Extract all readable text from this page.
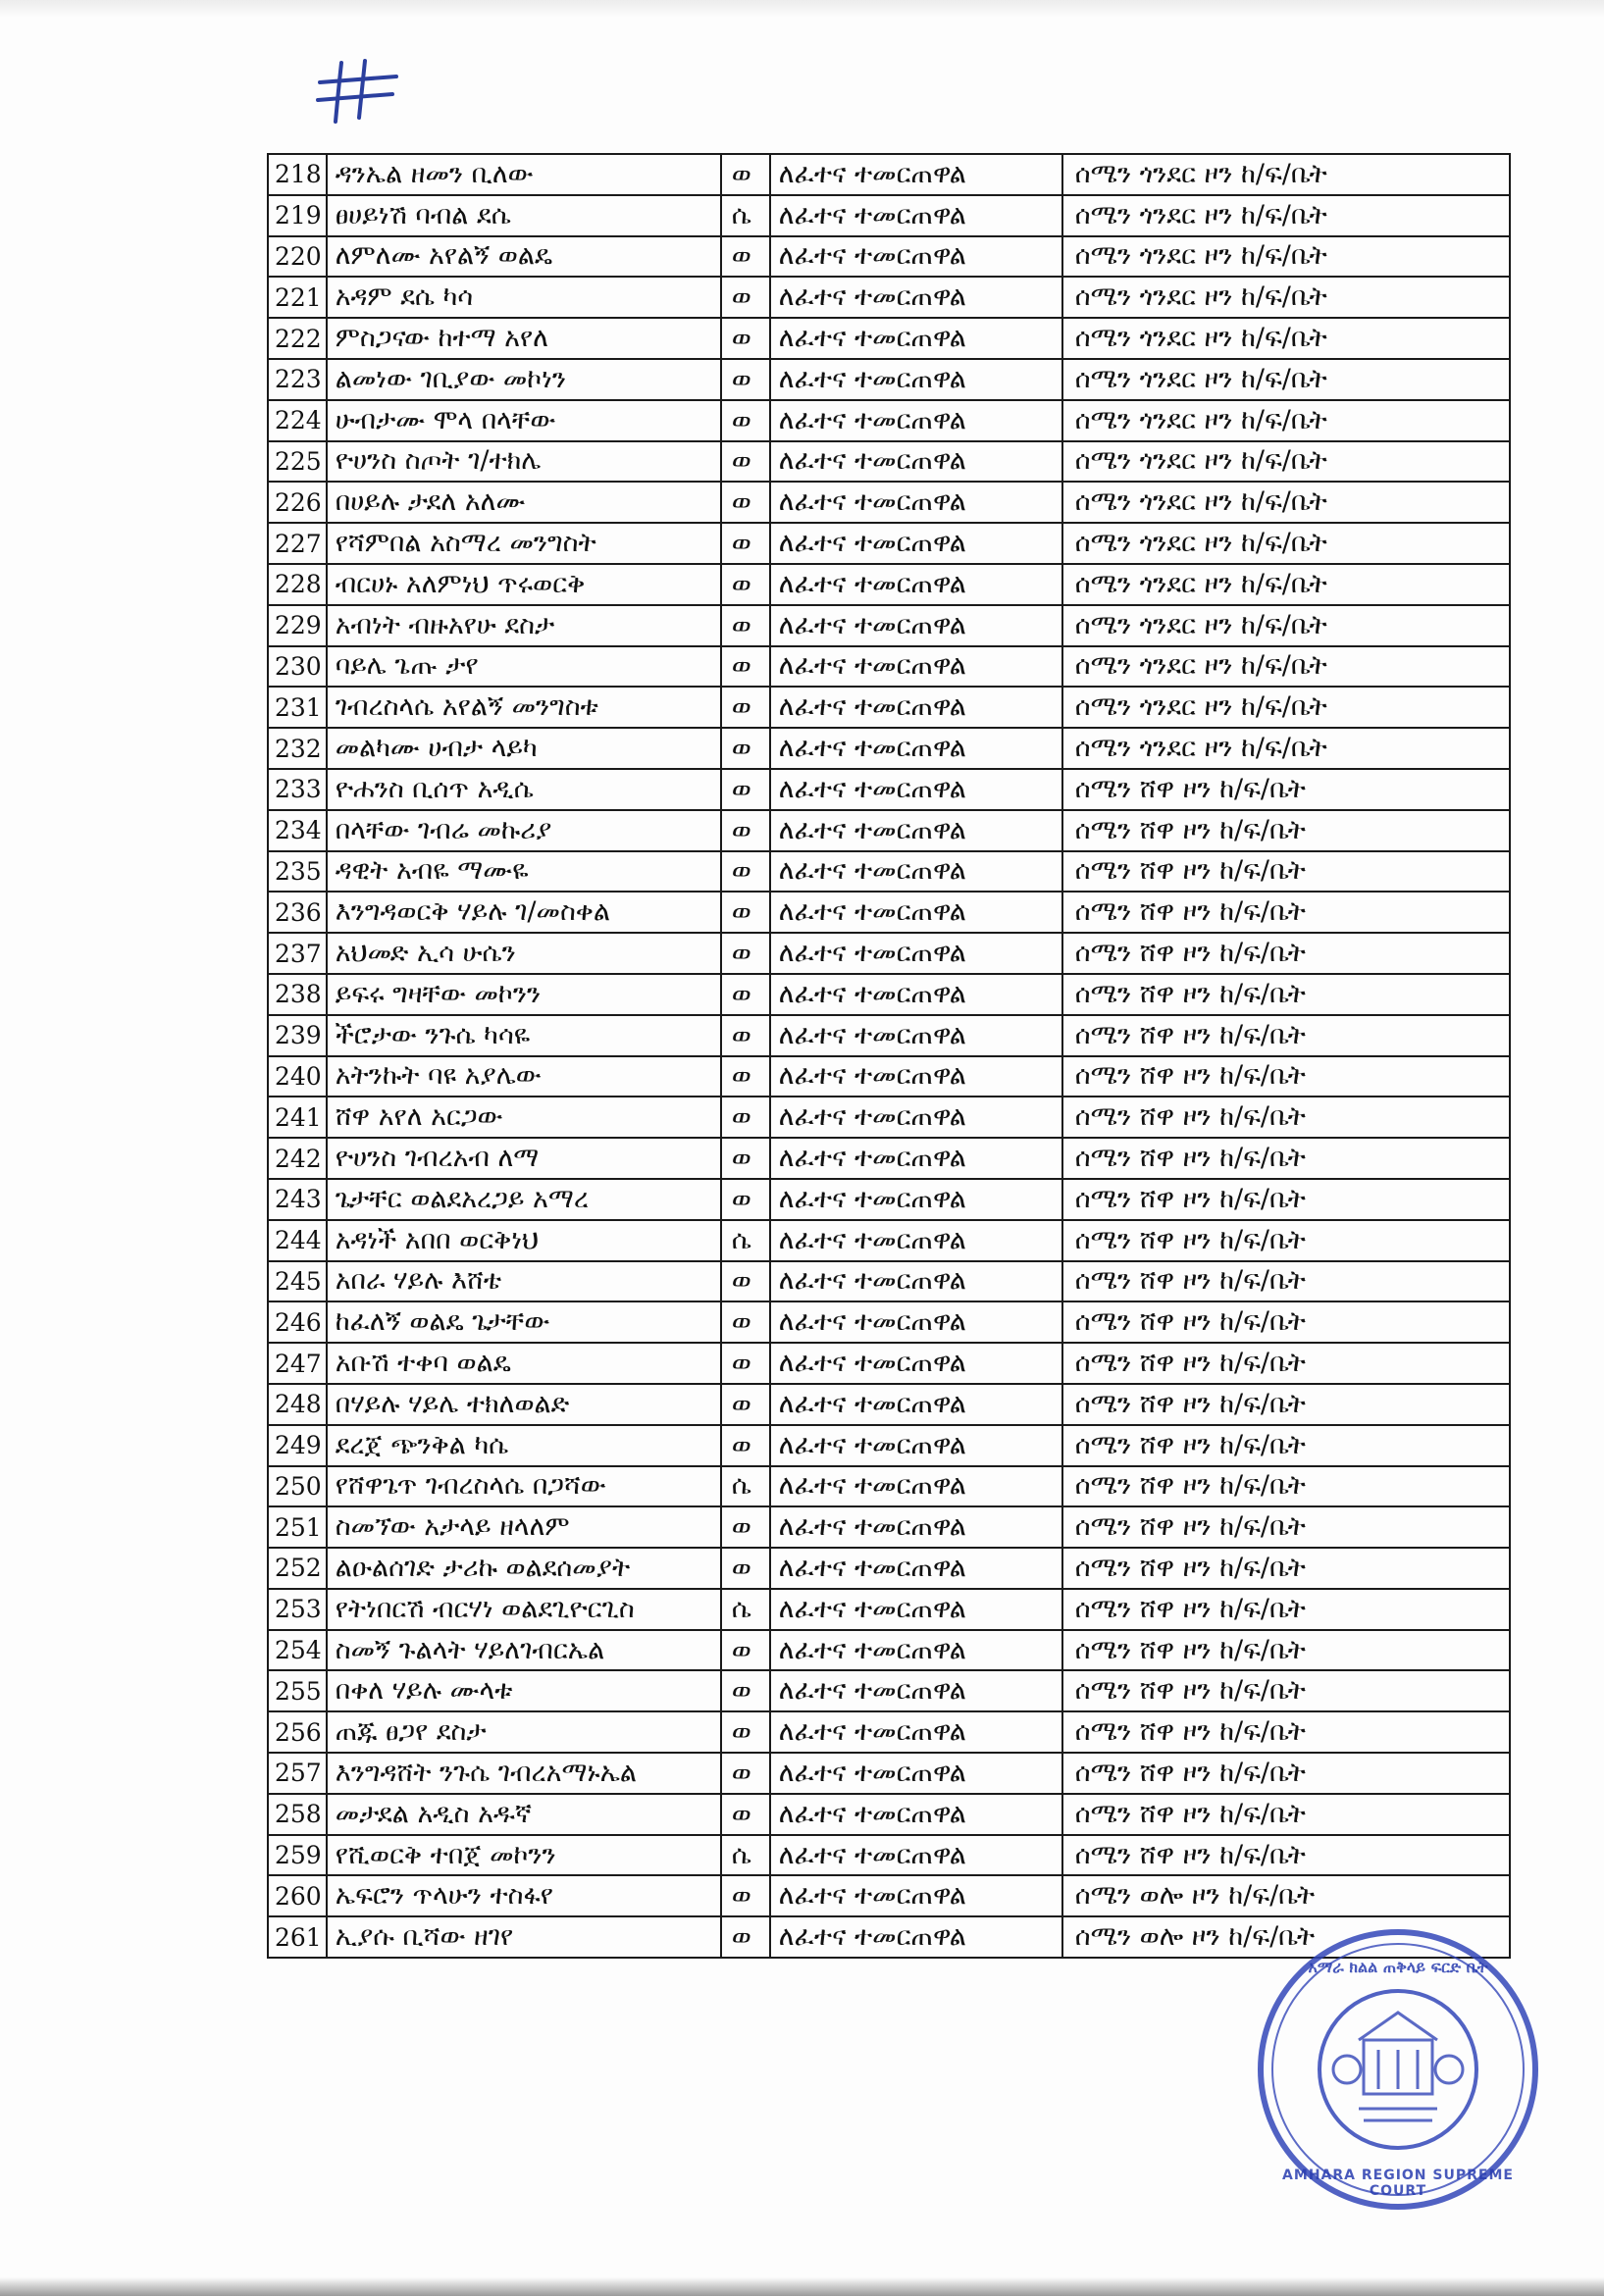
218	ዳንኤል ዘመን ቢለው	ወ	ለፈተና ተመርጠዋል	ሰሜን ጎንደር ዞን ከ/ፍ/ቤት
219	ፀሀይነሽ ባብል ደሴ	ሴ	ለፈተና ተመርጠዋል	ሰሜን ጎንደር ዞን ከ/ፍ/ቤት
220	ለምለሙ አየልኝ ወልዴ	ወ	ለፈተና ተመርጠዋል	ሰሜን ጎንደር ዞን ከ/ፍ/ቤት
221	አዳም ደሴ ካሳ	ወ	ለፈተና ተመርጠዋል	ሰሜን ጎንደር ዞን ከ/ፍ/ቤት
222	ምስጋናው ከተማ አየለ	ወ	ለፈተና ተመርጠዋል	ሰሜን ጎንደር ዞን ከ/ፍ/ቤት
223	ልመነው ገቢያው መኮነን	ወ	ለፈተና ተመርጠዋል	ሰሜን ጎንደር ዞን ከ/ፍ/ቤት
224	ሁብታሙ ሞላ በላቸው	ወ	ለፈተና ተመርጠዋል	ሰሜን ጎንደር ዞን ከ/ፍ/ቤት
225	ዮሀንስ ስጦት ገ/ተክሌ	ወ	ለፈተና ተመርጠዋል	ሰሜን ጎንደር ዞን ከ/ፍ/ቤት
226	በሀይሉ ታደለ አለሙ	ወ	ለፈተና ተመርጠዋል	ሰሜን ጎንደር ዞን ከ/ፍ/ቤት
227	የሻምበል አስማረ መንግስት	ወ	ለፈተና ተመርጠዋል	ሰሜን ጎንደር ዞን ከ/ፍ/ቤት
228	ብርሀኑ አለምነህ ጥሩወርቅ	ወ	ለፈተና ተመርጠዋል	ሰሜን ጎንደር ዞን ከ/ፍ/ቤት
229	አብነት ብዙአየሁ ደስታ	ወ	ለፈተና ተመርጠዋል	ሰሜን ጎንደር ዞን ከ/ፍ/ቤት
230	ባይሌ ጌጡ ታየ	ወ	ለፈተና ተመርጠዋል	ሰሜን ጎንደር ዞን ከ/ፍ/ቤት
231	ገብረስላሴ አየልኝ መንግስቱ	ወ	ለፈተና ተመርጠዋል	ሰሜን ጎንደር ዞን ከ/ፍ/ቤት
232	መልካሙ ሀብታ ላይካ	ወ	ለፈተና ተመርጠዋል	ሰሜን ጎንደር ዞን ከ/ፍ/ቤት
233	ዮሐንስ ቢሰጥ አዲሴ	ወ	ለፈተና ተመርጠዋል	ሰሜን ሸዋ ዞን ከ/ፍ/ቤት
234	በላቸው ገብሬ መኩሪያ	ወ	ለፈተና ተመርጠዋል	ሰሜን ሸዋ ዞን ከ/ፍ/ቤት
235	ዳዊት አብዬ ማሙዬ	ወ	ለፈተና ተመርጠዋል	ሰሜን ሸዋ ዞን ከ/ፍ/ቤት
236	እንግዳወርቅ ሃይሉ ገ/መስቀል	ወ	ለፈተና ተመርጠዋል	ሰሜን ሸዋ ዞን ከ/ፍ/ቤት
237	አህመድ ኢሳ ሁሴን	ወ	ለፈተና ተመርጠዋል	ሰሜን ሸዋ ዞን ከ/ፍ/ቤት
238	ይፍሩ ግዛቸው መኮንን	ወ	ለፈተና ተመርጠዋል	ሰሜን ሸዋ ዞን ከ/ፍ/ቤት
239	ችሮታው ንጉሴ ካሳዬ	ወ	ለፈተና ተመርጠዋል	ሰሜን ሸዋ ዞን ከ/ፍ/ቤት
240	አትንኩት ባዩ አያሌው	ወ	ለፈተና ተመርጠዋል	ሰሜን ሸዋ ዞን ከ/ፍ/ቤት
241	ሸዋ አየለ አርጋው	ወ	ለፈተና ተመርጠዋል	ሰሜን ሸዋ ዞን ከ/ፍ/ቤት
242	ዮሀንስ ገብረአብ ለማ	ወ	ለፈተና ተመርጠዋል	ሰሜን ሸዋ ዞን ከ/ፍ/ቤት
243	ጌታቸር ወልደአረጋይ አማረ	ወ	ለፈተና ተመርጠዋል	ሰሜን ሸዋ ዞን ከ/ፍ/ቤት
244	አዳነች አበበ ወርቅነህ	ሴ	ለፈተና ተመርጠዋል	ሰሜን ሸዋ ዞን ከ/ፍ/ቤት
245	አበራ ሃይሉ እሸቴ	ወ	ለፈተና ተመርጠዋል	ሰሜን ሸዋ ዞን ከ/ፍ/ቤት
246	ከፈለኝ ወልዴ ጌታቸው	ወ	ለፈተና ተመርጠዋል	ሰሜን ሸዋ ዞን ከ/ፍ/ቤት
247	አቡሽ ተቀባ ወልዴ	ወ	ለፈተና ተመርጠዋል	ሰሜን ሸዋ ዞን ከ/ፍ/ቤት
248	በሃይሉ ሃይሌ ተክለወልድ	ወ	ለፈተና ተመርጠዋል	ሰሜን ሸዋ ዞን ከ/ፍ/ቤት
249	ደረጀ ጭንቅል ካሴ	ወ	ለፈተና ተመርጠዋል	ሰሜን ሸዋ ዞን ከ/ፍ/ቤት
250	የሸዋጌጥ ገብረስላሴ በጋሻው	ሴ	ለፈተና ተመርጠዋል	ሰሜን ሸዋ ዞን ከ/ፍ/ቤት
251	ስመኘው አታላይ ዘላለም	ወ	ለፈተና ተመርጠዋል	ሰሜን ሸዋ ዞን ከ/ፍ/ቤት
252	ልዑልሰገድ ታሪኩ ወልደሰመያት	ወ	ለፈተና ተመርጠዋል	ሰሜን ሸዋ ዞን ከ/ፍ/ቤት
253	የትነበርሽ ብርሃነ ወልደጊዮርጊስ	ሴ	ለፈተና ተመርጠዋል	ሰሜን ሸዋ ዞን ከ/ፍ/ቤት
254	ስመኝ ጉልላት ሃይለገብርኤል	ወ	ለፈተና ተመርጠዋል	ሰሜን ሸዋ ዞን ከ/ፍ/ቤት
255	በቀለ ሃይሉ ሙላቱ	ወ	ለፈተና ተመርጠዋል	ሰሜን ሸዋ ዞን ከ/ፍ/ቤት
256	ጠጁ ፀጋየ ደስታ	ወ	ለፈተና ተመርጠዋል	ሰሜን ሸዋ ዞን ከ/ፍ/ቤት
257	እንግዳሸት ንጉሴ ገብረአማኑኤል	ወ	ለፈተና ተመርጠዋል	ሰሜን ሸዋ ዞን ከ/ፍ/ቤት
258	መታደል አዲስ አዱኛ	ወ	ለፈተና ተመርጠዋል	ሰሜን ሸዋ ዞን ከ/ፍ/ቤት
259	የሺወርቅ ተበጀ መኮንን	ሴ	ለፈተና ተመርጠዋል	ሰሜን ሸዋ ዞን ከ/ፍ/ቤት
260	ኤፍሮን ጥላሁን ተስፋየ	ወ	ለፈተና ተመርጠዋል	ሰሜን ወሎ ዞን ከ/ፍ/ቤት
261	ኢያሱ ቢሻው ዘገየ	ወ	ለፈተና ተመርጠዋል	ሰሜን ወሎ ዞን ከ/ፍ/ቤት
አማራ ክልል ጠቅላይ ፍርድ ቤት
AMHARA REGION SUPREME COURT
